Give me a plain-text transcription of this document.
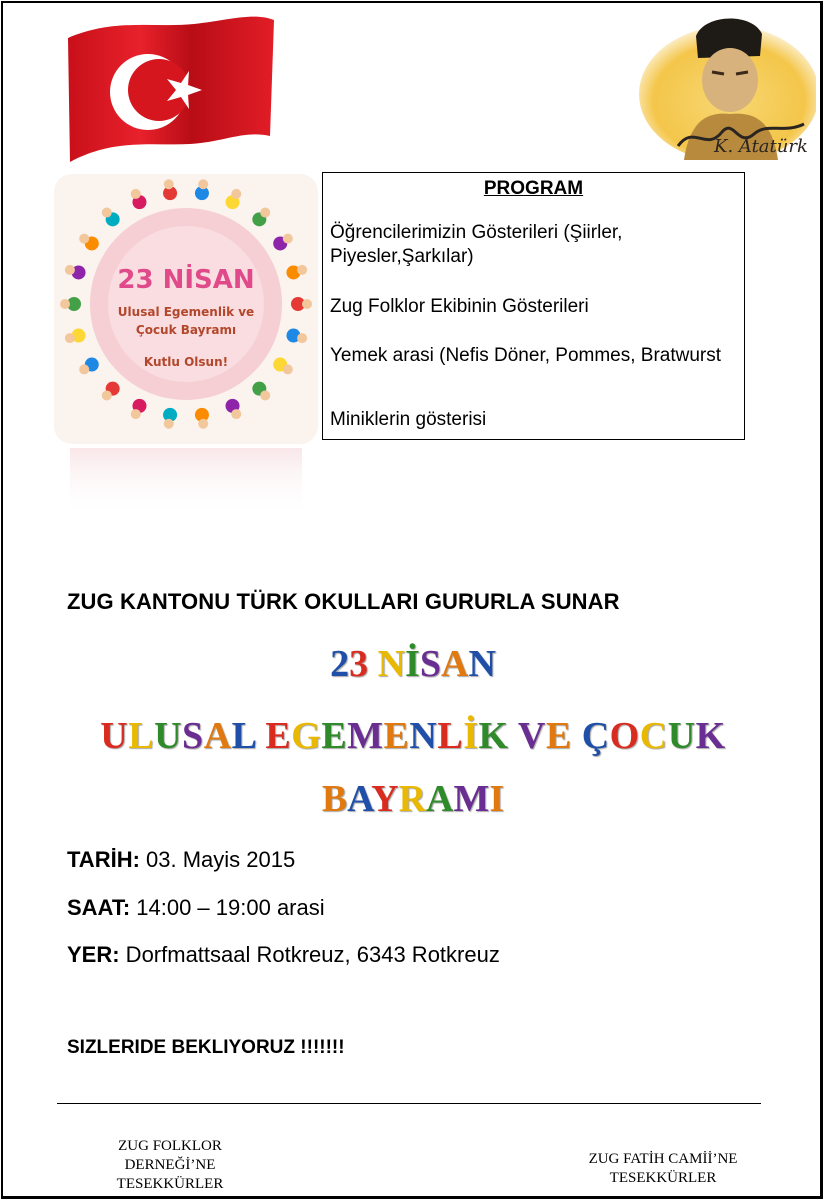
K. Atatürk
23 NİSAN
Ulusal Egemenlik ve
Çocuk Bayramı
Kutlu Olsun!
PROGRAM
Öğrencilerimizin Gösterileri (Şiirler, Piyesler,Şarkılar)
Zug Folklor Ekibinin Gösterileri
Yemek arasi (Nefis Döner, Pommes, Bratwurst
Miniklerin gösterisi
ZUG KANTONU TÜRK OKULLARI GURURLA SUNAR
23 NİSAN
ULUSAL EGEMENLİK VE ÇOCUK
BAYRAMI
TARİH: 03. Mayis 2015
SAAT: 14:00 – 19:00 arasi
YER: Dorfmattsaal Rotkreuz, 6343 Rotkreuz
SIZLERIDE BEKLIYORUZ !!!!!!!
ZUG FOLKLOR
DERNEĞİ’NE
TESEKKÜRLER
ZUG FATİH CAMİİ’NE
TESEKKÜRLER
